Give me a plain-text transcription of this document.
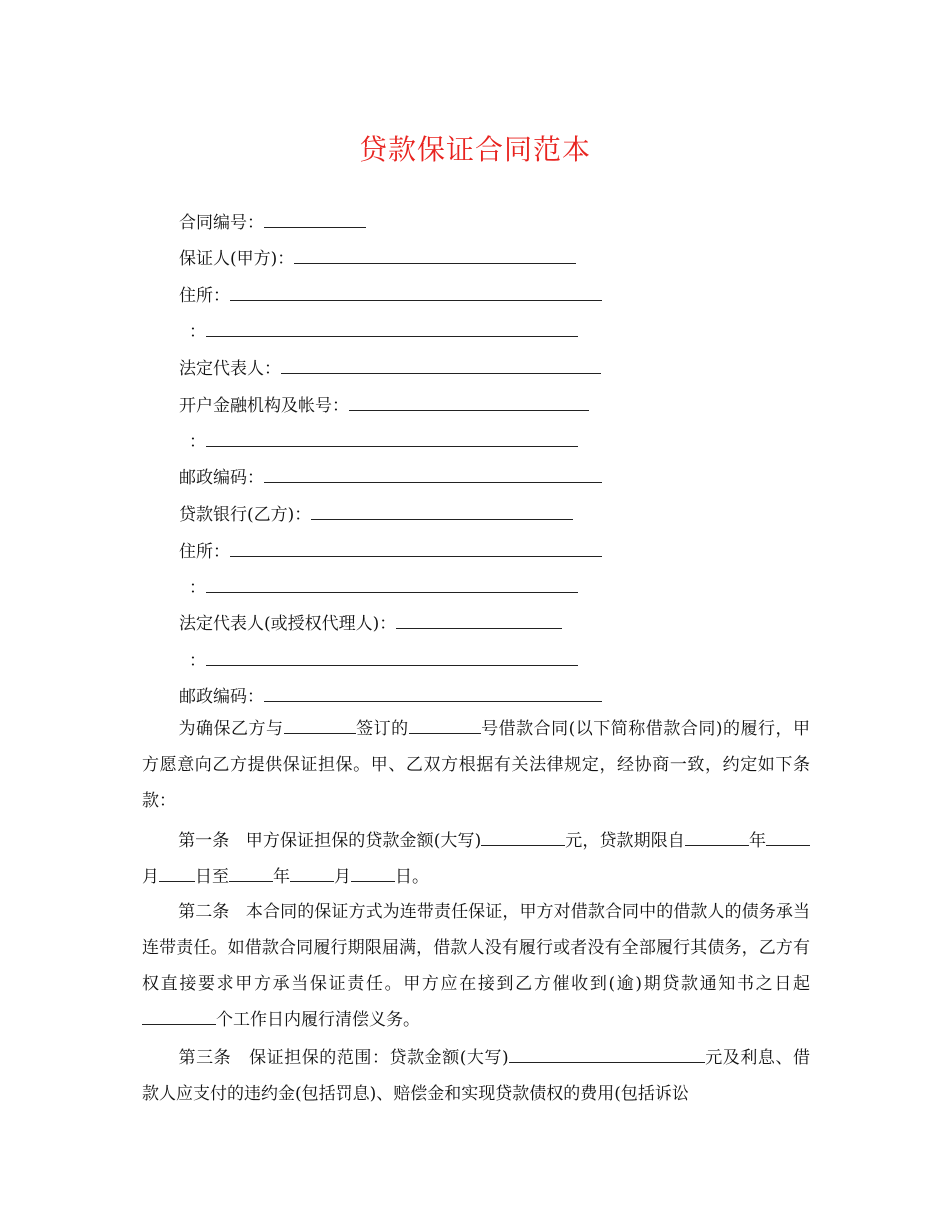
贷款保证合同范本
合同编号：
保证人(甲方)：
住所：
：
法定代表人：
开户金融机构及帐号：
：
邮政编码：
贷款银行(乙方)：
住所：
：
法定代表人(或授权代理人)：
：
邮政编码：

为确保乙方与	签订的	号借款合同(以下简称借款合同)的履行，甲方愿意向乙方提供保证担保。甲、乙双方根据有关法律规定，经协商一致，约定如下条款：

第一条 甲方保证担保的贷款金额(大写)	元，贷款期限自	年月 日至	年	月	日。

第二条 本合同的保证方式为连带责任保证，甲方对借款合同中的借款人的债务承当连带责任。如借款合同履行期限届满，借款人没有履行或者没有全部履行其债务，乙方有权直接要求甲方承当保证责任。甲方应在接到乙方催收到(逾)期贷款通知书之日起个工作日内履行清偿义务。

第三条 保证担保的范围：贷款金额(大写)	元及利息、借款人应支付的违约金(包括罚息)、赔偿金和实现贷款债权的费用(包括诉讼
